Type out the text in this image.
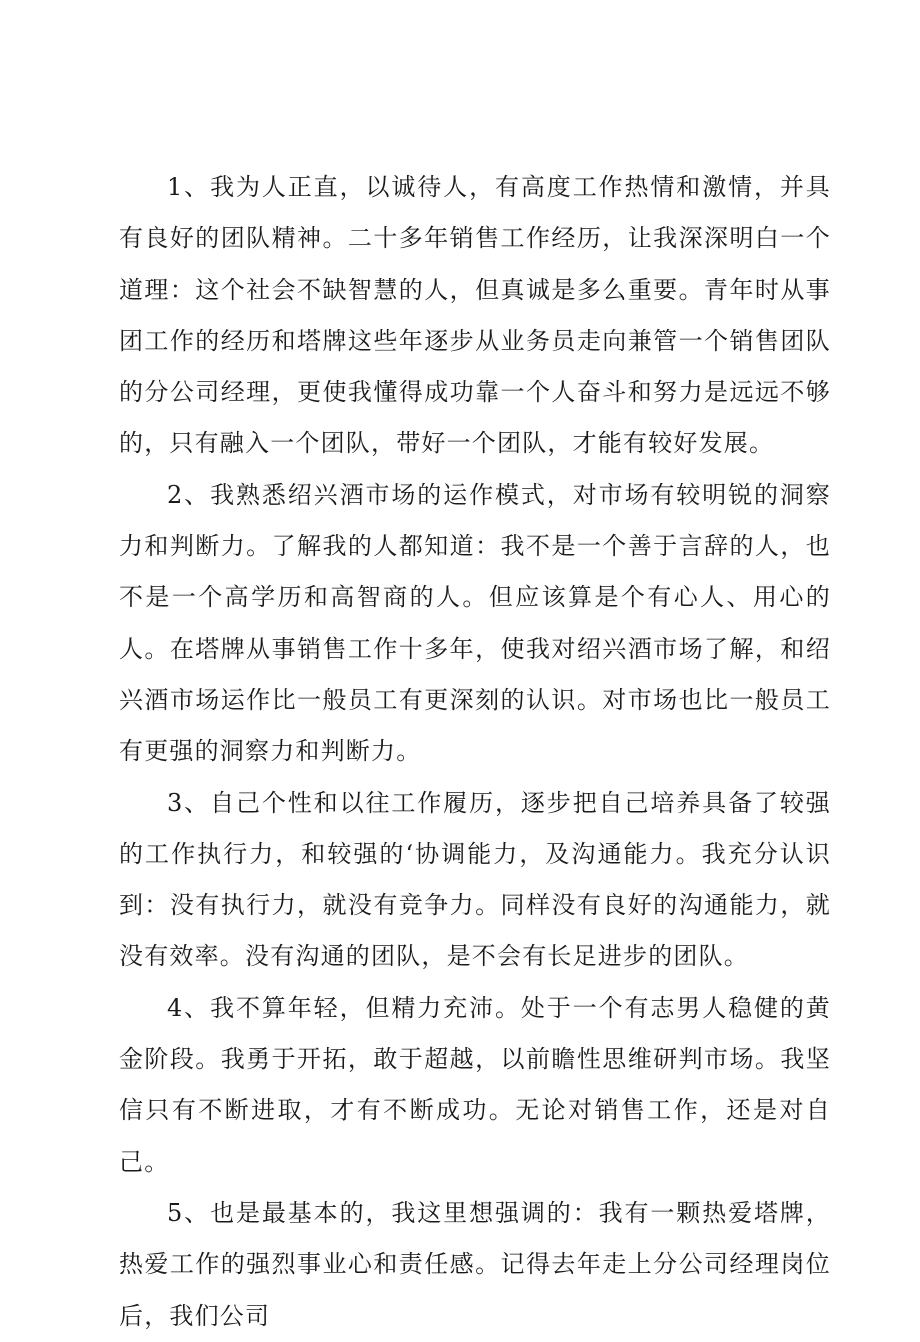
1、我为人正直，以诚待人，有高度工作热情和激情，并具有良好的团队精神。二十多年销售工作经历，让我深深明白一个道理：这个社会不缺智慧的人，但真诚是多么重要。青年时从事团工作的经历和塔牌这些年逐步从业务员走向兼管一个销售团队的分公司经理，更使我懂得成功靠一个人奋斗和努力是远远不够的，只有融入一个团队，带好一个团队，才能有较好发展。

2、我熟悉绍兴酒市场的运作模式，对市场有较明锐的洞察力和判断力。了解我的人都知道：我不是一个善于言辞的人，也不是一个高学历和高智商的人。但应该算是个有心人、用心的人。在塔牌从事销售工作十多年，使我对绍兴酒市场了解，和绍兴酒市场运作比一般员工有更深刻的认识。对市场也比一般员工有更强的洞察力和判断力。

3、自己个性和以往工作履历，逐步把自己培养具备了较强的工作执行力，和较强的‘协调能力，及沟通能力。我充分认识到：没有执行力，就没有竞争力。同样没有良好的沟通能力，就没有效率。没有沟通的团队，是不会有长足进步的团队。

4、我不算年轻，但精力充沛。处于一个有志男人稳健的黄金阶段。我勇于开拓，敢于超越，以前瞻性思维研判市场。我坚信只有不断进取，才有不断成功。无论对销售工作，还是对自己。

5、也是最基本的，我这里想强调的：我有一颗热爱塔牌，热爱工作的强烈事业心和责任感。记得去年走上分公司经理岗位后，我们公司
